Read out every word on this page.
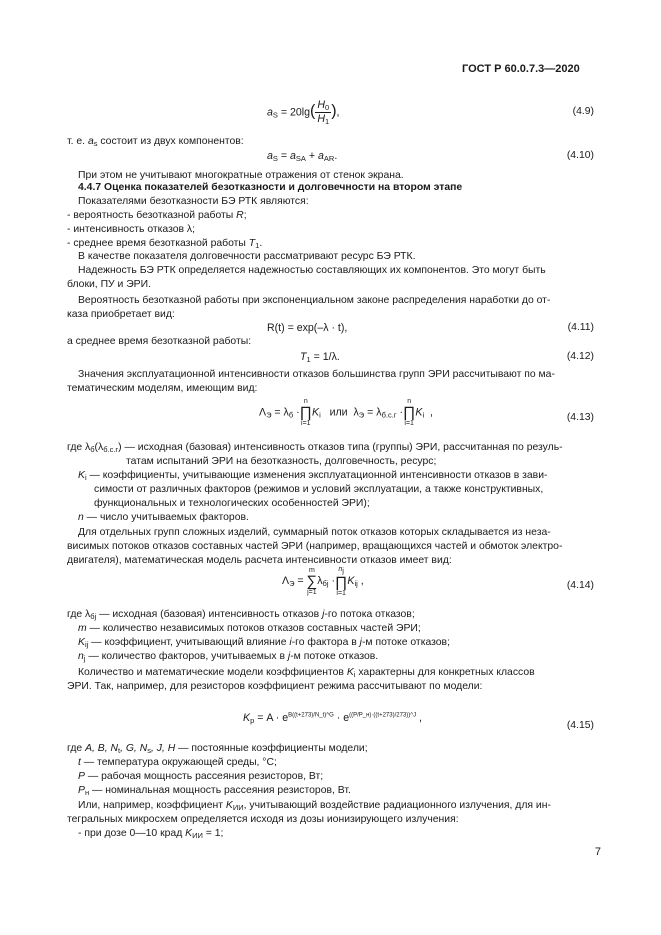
ГОСТ Р 60.0.7.3—2020
$a_S = 20\lg( \frac{H_0}{H_1}$ ),	(4.9)
т. е. $a_s$ состоит из двух компонентов:
$a_S = a_{SA} + a_{AR}$.	(4.10)
При этом не учитывают многократные отражения от стенок экрана.
4.4.7 Оценка показателей безотказности и долговечности на втором этапе
Показателями безотказности БЭ РТК являются:
- вероятность безотказной работы R;
- интенсивность отказов λ;
- среднее время безотказной работы $T_1$.
В качестве показателя долговечности рассматривают ресурс БЭ РТК.
Надежность БЭ РТК определяется надежностью составляющих их компонентов. Это могут быть
блоки, ПУ и ЭРИ.
Вероятность безотказной работы при экспоненциальном законе распределения наработки до от-
каза приобретает вид:
R(t) = exp(–λ · t),	(4.11)
а среднее время безотказной работы:
$T_1 = 1/\lambda$.	(4.12)
Значения эксплуатационной интенсивности отказов большинства групп ЭРИ рассчитывают по ма-
тематическим моделям, имеющим вид:
$\Lambda_Э = \lambda_б$ ·
n
∏
i=1
$K_i$ или $\lambda_Э = \lambda_{б.с.г}$ ·
n
∏
i=1
$K_i$ ,	(4.13)
где $\lambda_б(\lambda_{б.с.г})$ — исходная (базовая) интенсивность отказов типа (группы) ЭРИ, рассчитанная по резуль-
татам испытаний ЭРИ на безотказность, долговечность, ресурс;
$K_i$ — коэффициенты, учитывающие изменения эксплуатационной интенсивности отказов в зави-
симости от различных факторов (режимов и условий эксплуатации, а также конструктивных,
функциональных и технологических особенностей ЭРИ);
n — число учитываемых факторов.
Для отдельных групп сложных изделий, суммарный поток отказов которых складывается из неза-
висимых потоков отказов составных частей ЭРИ (например, вращающихся частей и обмоток электро-
двигателя), математическая модель расчета интенсивности отказов имеет вид:
$\Lambda_Э$ =
m
∑
j=1
$\lambda_{бj}$ ·
$n_j$
∏
i=1
$K_{ij}$ ,	(4.14)
где $\lambda_{бj}$ — исходная (базовая) интенсивность отказов j-го потока отказов;
m — количество независимых потоков отказов составных частей ЭРИ;
$K_{ij}$ — коэффициент, учитывающий влияние i-го фактора в j-м потоке отказов;
$n_j$ — количество факторов, учитываемых в j-м потоке отказов.
Количество и математические модели коэффициентов $K_i$ характерны для конкретных классов
ЭРИ. Так, например, для резисторов коэффициент режима рассчитывают по модели:
$K_р = A \cdot e^{B((t+273)/N\_t)\^{}G} \cdot e^{((P/P\_н)\cdot((t+273)/273))\^{}J}$ ,
(4.15)
где A, B, $N_t$, G, $N_s$, J, H — постоянные коэффициенты модели;
t — температура окружающей среды, °С;
P — рабочая мощность рассеяния резисторов, Вт;
$P_н$ — номинальная мощность рассеяния резисторов, Вт.
Или, например, коэффициент $K_{ИИ}$, учитывающий воздействие радиационного излучения, для ин-
тегральных микросхем определяется исходя из дозы ионизирующего излучения:
- при дозе 0—10 крад $K_{ИИ} = 1$;
7
